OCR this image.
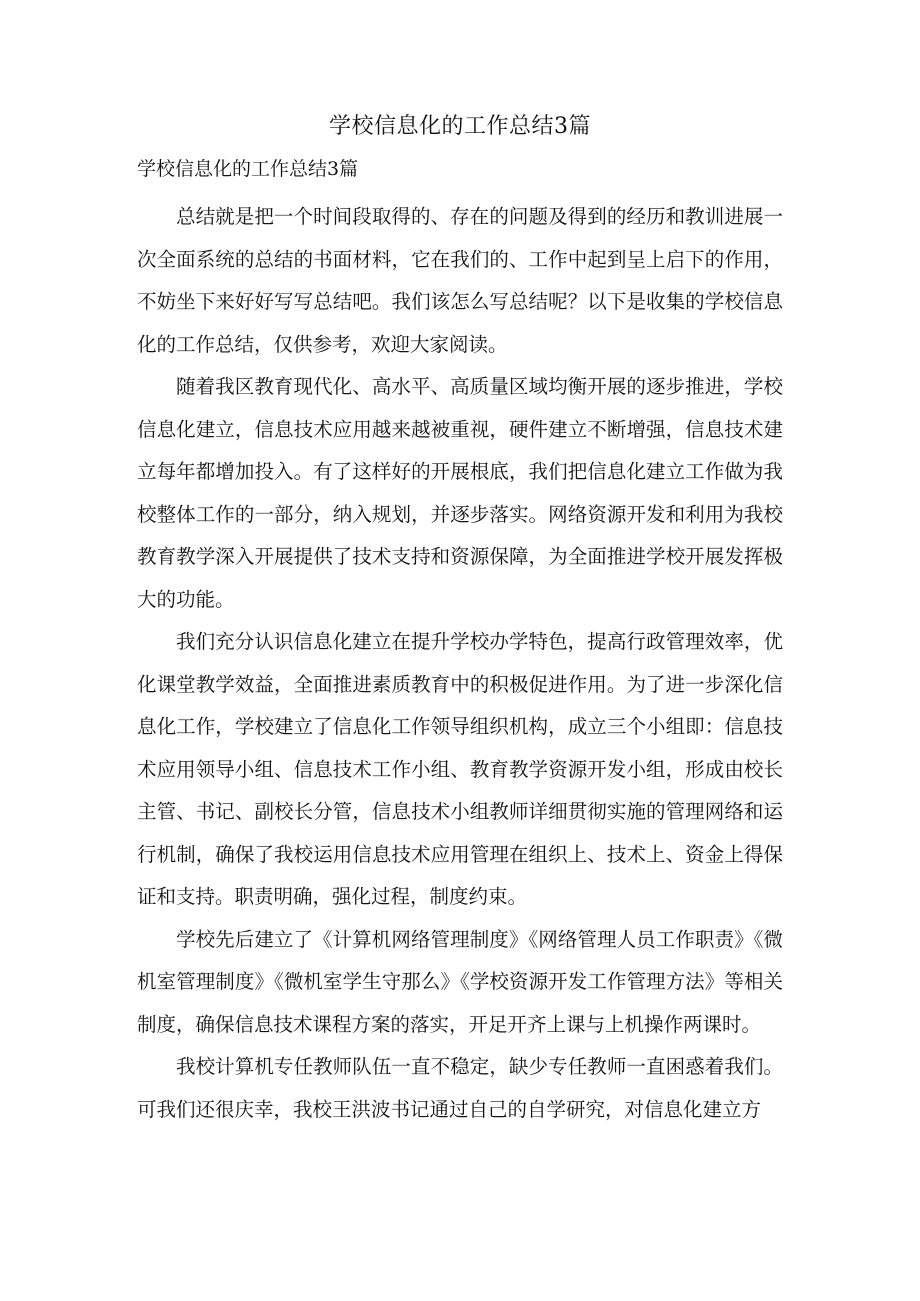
学校信息化的工作总结3篇
学校信息化的工作总结3篇

总结就是把一个时间段取得的、存在的问题及得到的经历和教训进展一次全面系统的总结的书面材料，它在我们的、工作中起到呈上启下的作用，不妨坐下来好好写写总结吧。我们该怎么写总结呢？以下是收集的学校信息化的工作总结，仅供参考，欢迎大家阅读。

随着我区教育现代化、高水平、高质量区域均衡开展的逐步推进，学校信息化建立，信息技术应用越来越被重视，硬件建立不断增强，信息技术建立每年都增加投入。有了这样好的开展根底，我们把信息化建立工作做为我校整体工作的一部分，纳入规划，并逐步落实。网络资源开发和利用为我校教育教学深入开展提供了技术支持和资源保障，为全面推进学校开展发挥极大的功能。

我们充分认识信息化建立在提升学校办学特色，提高行政管理效率，优化课堂教学效益，全面推进素质教育中的积极促进作用。为了进一步深化信息化工作，学校建立了信息化工作领导组织机构，成立三个小组即：信息技术应用领导小组、信息技术工作小组、教育教学资源开发小组，形成由校长主管、书记、副校长分管，信息技术小组教师详细贯彻实施的管理网络和运行机制，确保了我校运用信息技术应用管理在组织上、技术上、资金上得保证和支持。职责明确，强化过程，制度约束。

学校先后建立了《计算机网络管理制度》《网络管理人员工作职责》《微机室管理制度》《微机室学生守那么》《学校资源开发工作管理方法》等相关制度，确保信息技术课程方案的落实，开足开齐上课与上机操作两课时。

我校计算机专任教师队伍一直不稳定，缺少专任教师一直困惑着我们。可我们还很庆幸，我校王洪波书记通过自己的自学研究，对信息化建立方
